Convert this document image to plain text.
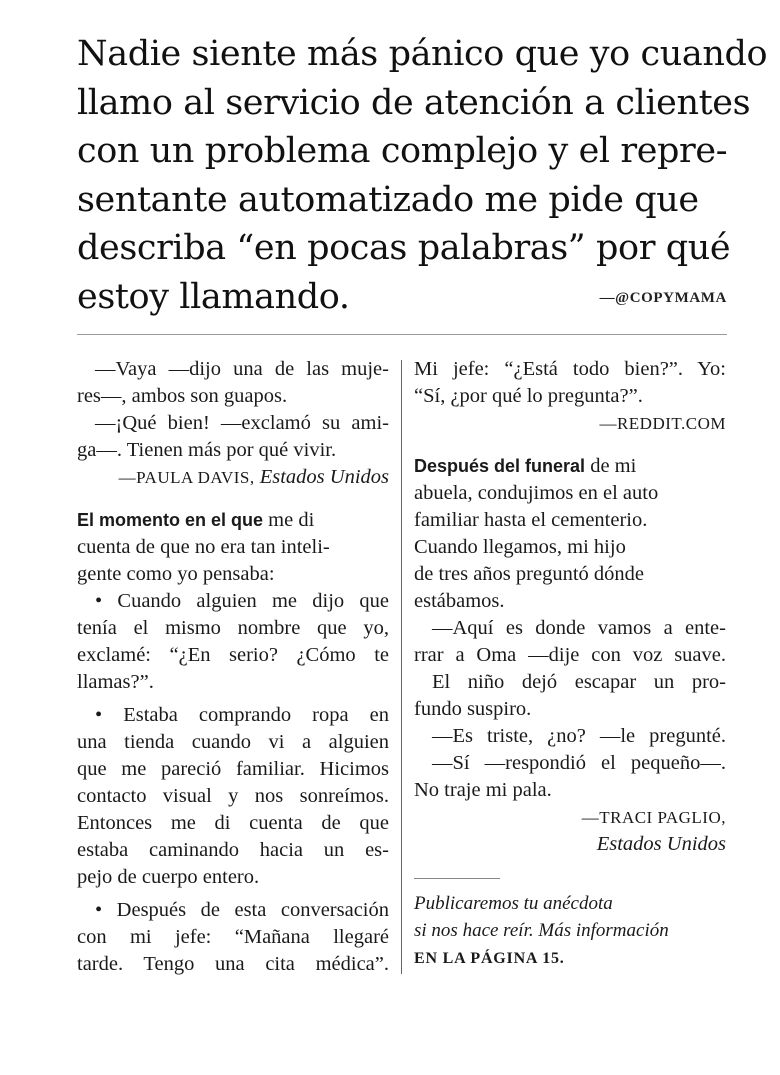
Nadie siente más pánico que yo cuando
llamo al servicio de atención a clientes
con un problema complejo y el repre-
sentante automatizado me pide que
describa “en pocas palabras” por qué
estoy llamando.	—@COPYMAMA
—Vaya —dijo una de las muje-
res—, ambos son guapos.
—¡Qué bien! —exclamó su ami-
ga—. Tienen más por qué vivir.
—PAULA DAVIS, Estados Unidos
El momento en el que me di
cuenta de que no era tan inteli-
gente como yo pensaba:
• Cuando alguien me dijo que
tenía el mismo nombre que yo,
exclamé: “¿En serio? ¿Cómo te
llamas?”.
• Estaba comprando ropa en
una tienda cuando vi a alguien
que me pareció familiar. Hicimos
contacto visual y nos sonreímos.
Entonces me di cuenta de que
estaba caminando hacia un es-
pejo de cuerpo entero.
• Después de esta conversación
con mi jefe: “Mañana llegaré
tarde. Tengo una cita médica”.
Mi jefe: “¿Está todo bien?”. Yo:
“Sí, ¿por qué lo pregunta?”.
—REDDIT.COM
Después del funeral de mi
abuela, condujimos en el auto
familiar hasta el cementerio.
Cuando llegamos, mi hijo
de tres años preguntó dónde
estábamos.
—Aquí es donde vamos a ente-
rrar a Oma —dije con voz suave.
El niño dejó escapar un pro-
fundo suspiro.
—Es triste, ¿no? —le pregunté.
—Sí —respondió el pequeño—.
No traje mi pala.
—TRACI PAGLIO,
Estados Unidos
Publicaremos tu anécdota
si nos hace reír. Más información
EN LA PÁGINA 15.
